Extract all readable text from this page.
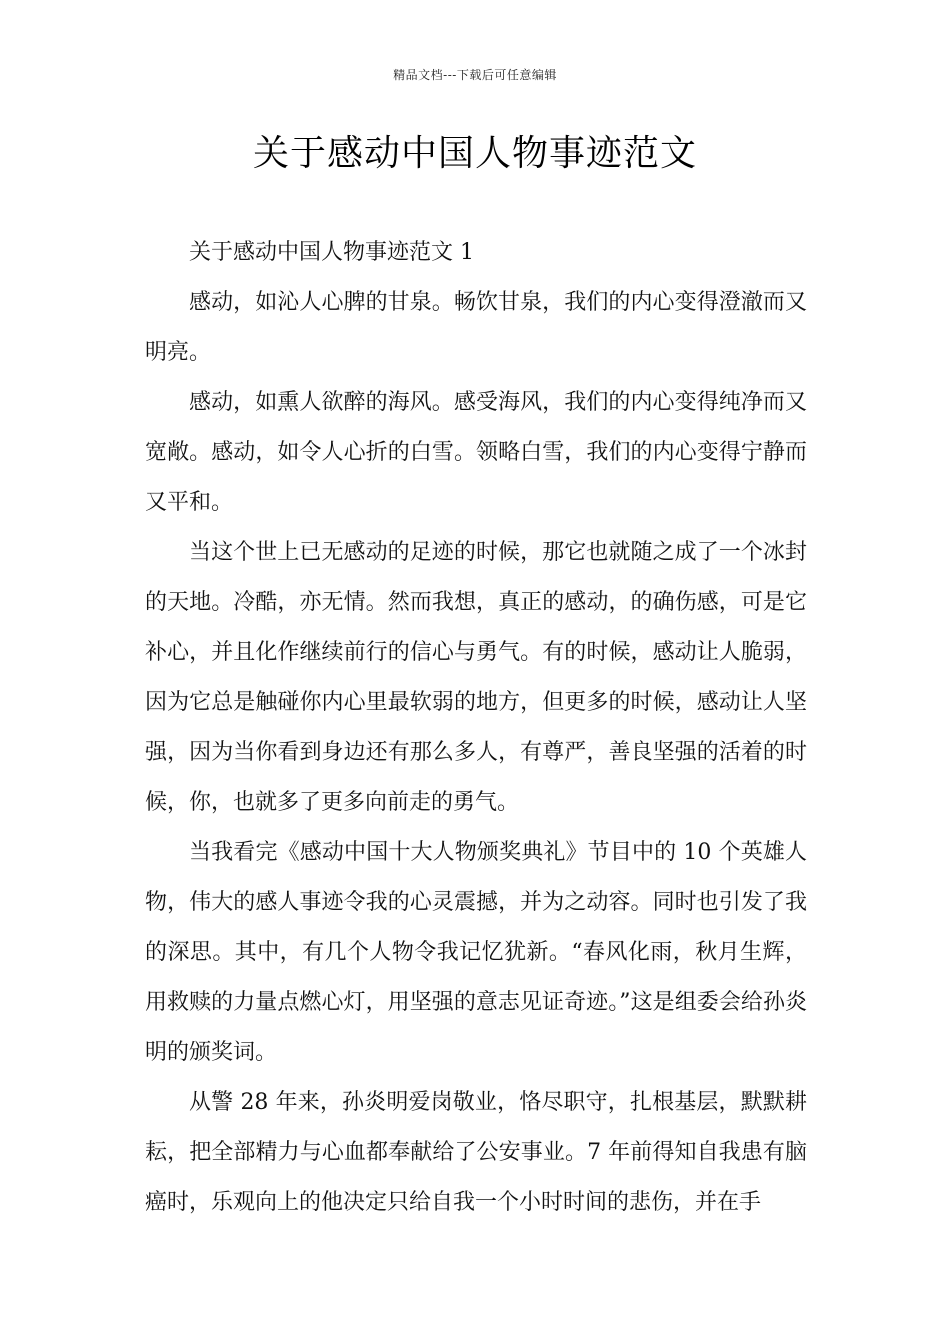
精品文档---下载后可任意编辑
关于感动中国人物事迹范文

关于感动中国人物事迹范文 1

感动，如沁人心脾的甘泉。畅饮甘泉，我们的内心变得澄澈而又明亮。

感动，如熏人欲醉的海风。感受海风，我们的内心变得纯净而又宽敞。感动，如令人心折的白雪。领略白雪，我们的内心变得宁静而又平和。

当这个世上已无感动的足迹的时候，那它也就随之成了一个冰封的天地。冷酷，亦无情。然而我想，真正的感动，的确伤感，可是它补心，并且化作继续前行的信心与勇气。有的时候，感动让人脆弱，因为它总是触碰你内心里最软弱的地方，但更多的时候，感动让人坚强，因为当你看到身边还有那么多人，有尊严，善良坚强的活着的时候，你，也就多了更多向前走的勇气。

当我看完《感动中国十大人物颁奖典礼》节目中的 10 个英雄人物，伟大的感人事迹令我的心灵震撼，并为之动容。同时也引发了我的深思。其中，有几个人物令我记忆犹新。“春风化雨，秋月生辉，用救赎的力量点燃心灯，用坚强的意志见证奇迹。”这是组委会给孙炎明的颁奖词。

从警 28 年来，孙炎明爱岗敬业，恪尽职守，扎根基层，默默耕耘，把全部精力与心血都奉献给了公安事业。7 年前得知自我患有脑癌时，乐观向上的他决定只给自我一个小时时间的悲伤，并在手
